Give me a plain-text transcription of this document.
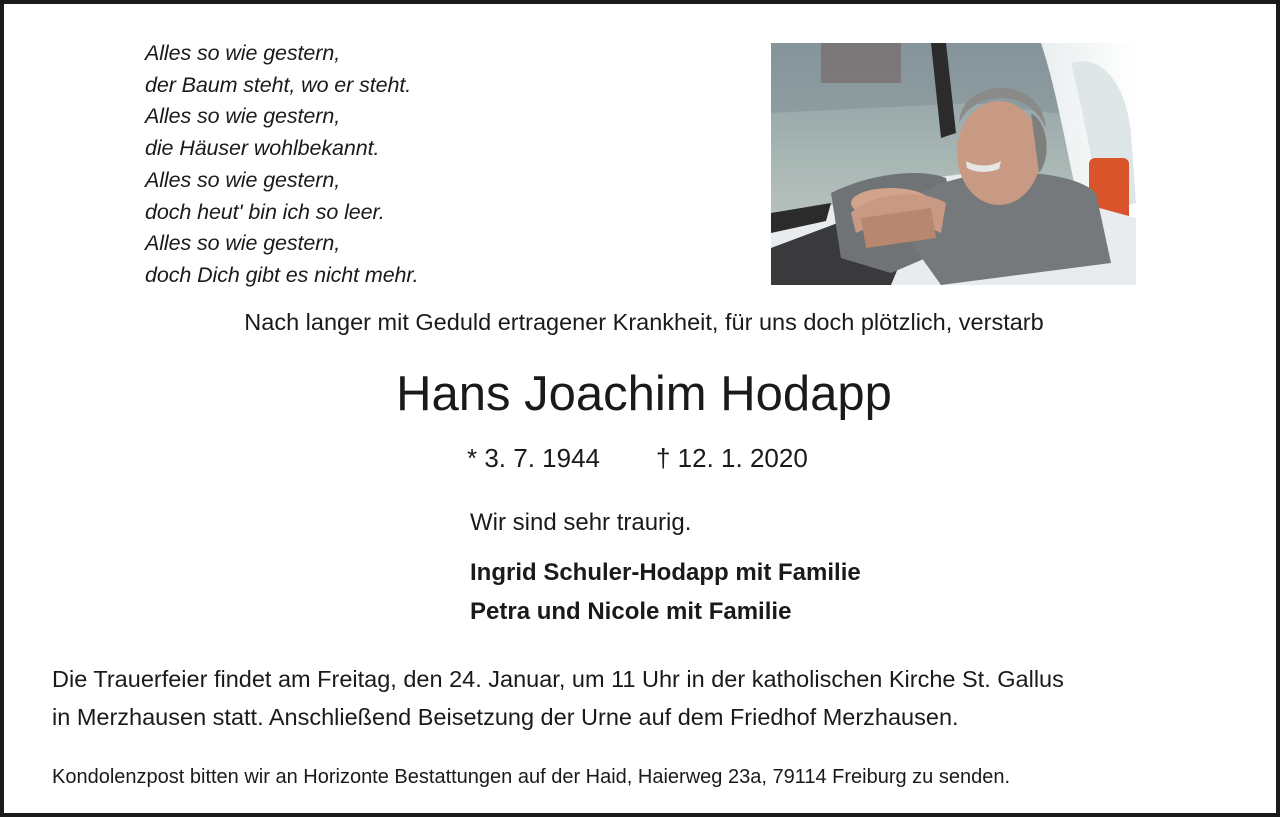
Alles so wie gestern,
der Baum steht, wo er steht.
Alles so wie gestern,
die Häuser wohlbekannt.
Alles so wie gestern,
doch heut' bin ich so leer.
Alles so wie gestern,
doch Dich gibt es nicht mehr.
Nach langer mit Geduld ertragener Krankheit, für uns doch plötzlich, verstarb
Hans Joachim Hodapp
* 3. 7. 1944 † 12. 1. 2020
Wir sind sehr traurig.
Ingrid Schuler-Hodapp mit Familie
Petra und Nicole mit Familie
Die Trauerfeier findet am Freitag, den 24. Januar, um 11 Uhr in der katholischen Kirche St. Gallus
in Merzhausen statt. Anschließend Beisetzung der Urne auf dem Friedhof Merzhausen.
Kondolenzpost bitten wir an Horizonte Bestattungen auf der Haid, Haierweg 23a, 79114 Freiburg zu senden.
